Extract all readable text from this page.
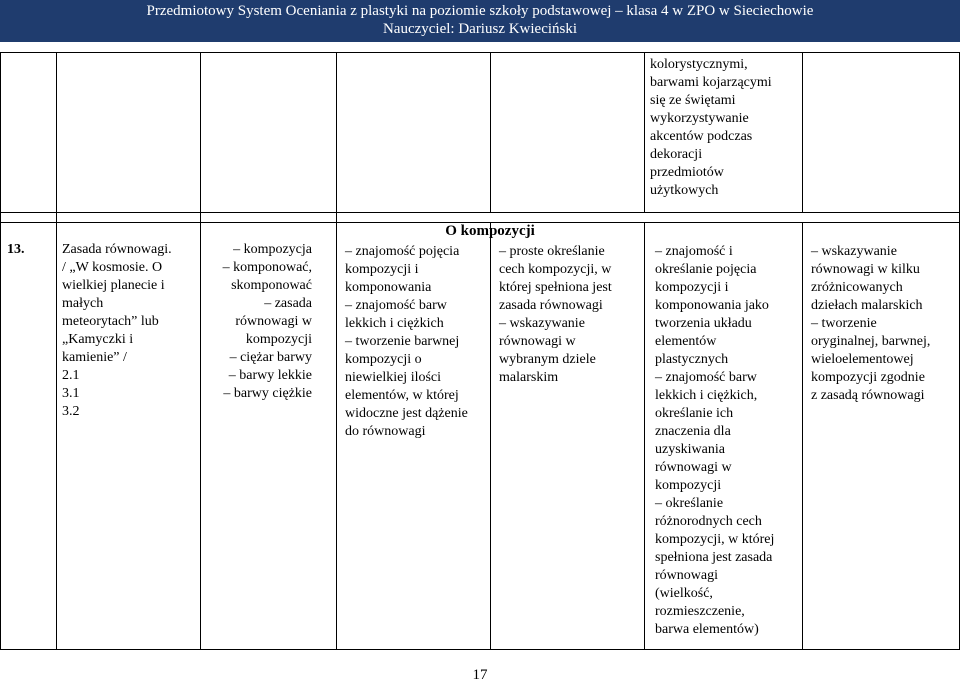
Przedmiotowy System Oceniania z plastyki na poziomie szkoły podstawowej – klasa 4 w ZPO w Sieciechowie
Nauczyciel: Dariusz Kwieciński
kolorystycznymi,
barwami kojarzącymi
się ze świętami
wykorzystywanie
akcentów podczas
dekoracji
przedmiotów
użytkowych
O kompozycji
13.	Zasada równowagi.
/ „W kosmosie. O
wielkiej planecie i
małych
meteorytach” lub
„Kamyczki i
kamienie” /
2.1
3.1
3.2
– kompozycja
– komponować,
skomponować
– zasada
równowagi w
kompozycji
– ciężar barwy
– barwy lekkie
– barwy ciężkie
– znajomość pojęcia
kompozycji i
komponowania
– znajomość barw
lekkich i ciężkich
– tworzenie barwnej
kompozycji o
niewielkiej ilości
elementów, w której
widoczne jest dążenie
do równowagi
– proste określanie
cech kompozycji, w
której spełniona jest
zasada równowagi
– wskazywanie
równowagi w
wybranym dziele
malarskim
– znajomość i
określanie pojęcia
kompozycji i
komponowania jako
tworzenia układu
elementów
plastycznych
– znajomość barw
lekkich i ciężkich,
określanie ich
znaczenia dla
uzyskiwania
równowagi w
kompozycji
– określanie
różnorodnych cech
kompozycji, w której
spełniona jest zasada
równowagi
(wielkość,
rozmieszczenie,
barwa elementów)
– wskazywanie
równowagi w kilku
zróżnicowanych
dziełach malarskich
– tworzenie
oryginalnej, barwnej,
wieloelementowej
kompozycji zgodnie
z zasadą równowagi
17
